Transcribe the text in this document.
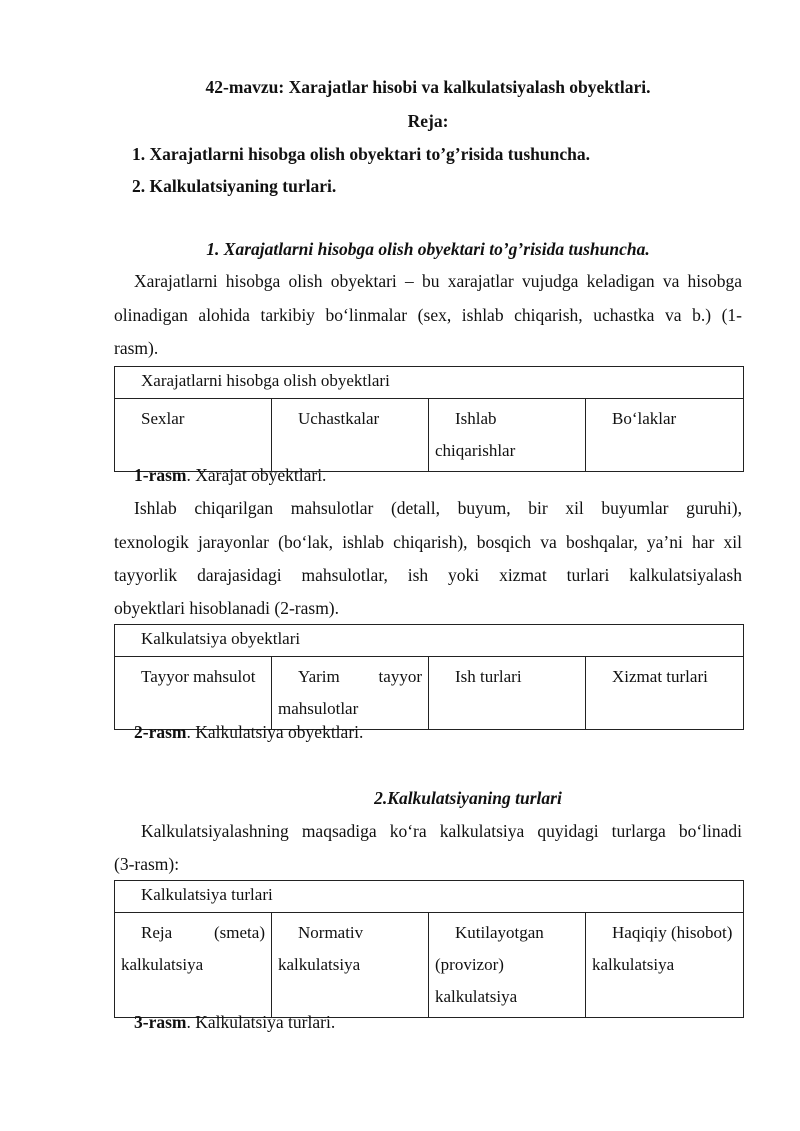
42-mavzu: Xarajatlar hisobi va kalkulatsiyalash obyektlari.

Reja:

1. Xarajatlarni hisobga olish obyektari to’g’risida tushuncha.

2. Kalkulatsiyaning turlari.

1. Xarajatlarni hisobga olish obyektari to’g’risida tushuncha.

Xarajatlarni hisobga olish obyektari – bu xarajatlar vujudga keladigan va hisobga

olinadigan alohida tarkibiy bo‘linmalar (sex, ishlab chiqarish, uchastka va b.) (1-

rasm).

Xarajatlarni hisobga olish obyektlari
Sexlar	Uchastkalar	Ishlab chiqarishlar	Bo‘laklar

1-rasm. Xarajat obyektlari.

Ishlab chiqarilgan mahsulotlar (detall, buyum, bir xil buyumlar guruhi),

texnologik jarayonlar (bo‘lak, ishlab chiqarish), bosqich va boshqalar, ya’ni har xil

tayyorlik darajasidagi mahsulotlar, ish yoki xizmat turlari kalkulatsiyalash

obyektlari hisoblanadi (2-rasm).

Kalkulatsiya obyektlari
Tayyor mahsulot	Yarim tayyor mahsulotlar	Ish turlari	Xizmat turlari

2-rasm. Kalkulatsiya obyektlari.

2.Kalkulatsiyaning turlari

Kalkulatsiyalashning maqsadiga ko‘ra kalkulatsiya quyidagi turlarga bo‘linadi

(3-rasm):

Kalkulatsiya turlari
Reja (smeta) kalkulatsiya	Normativ kalkulatsiya	Kutilayotgan (provizor) kalkulatsiya	Haqiqiy (hisobot) kalkulatsiya

3-rasm. Kalkulatsiya turlari.
